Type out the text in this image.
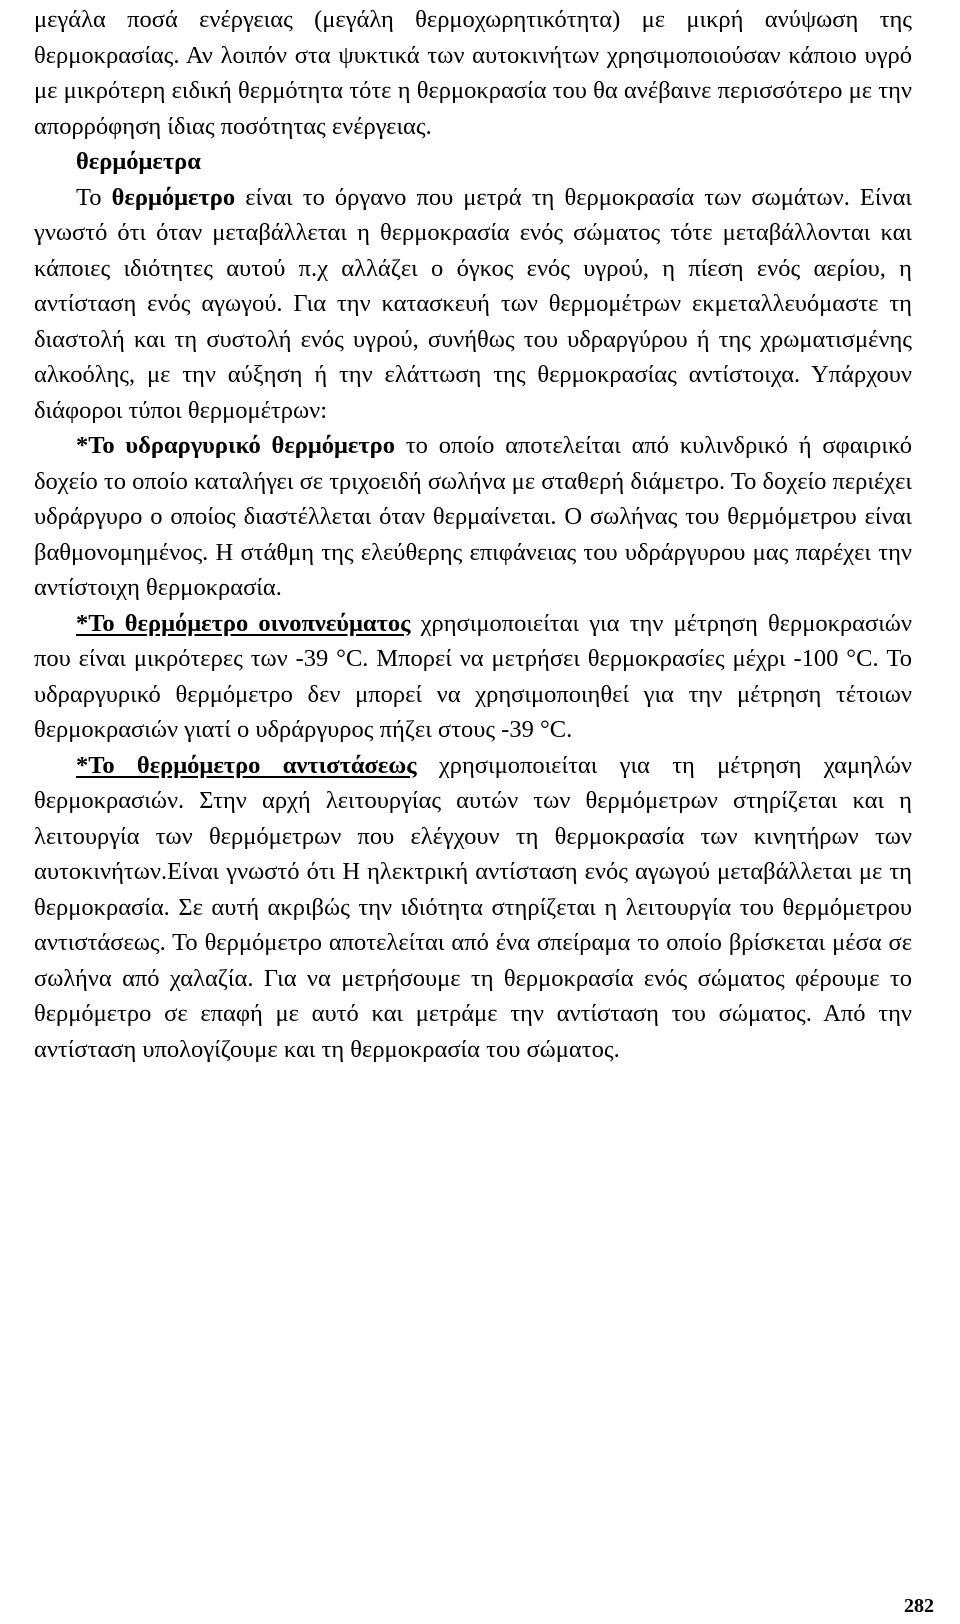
μεγάλα ποσά ενέργειας (μεγάλη θερμοχωρητικότητα) με μικρή ανύψωση της θερμοκρασίας. Αν λοιπόν στα ψυκτικά των αυτοκινήτων χρησιμοποιούσαν κάποιο υγρό με μικρότερη ειδική θερμότητα τότε η θερμοκρασία του θα ανέβαινε περισσότερο με την απορρόφηση ίδιας ποσότητας ενέργειας.

θερμόμετρα

Το θερμόμετρο είναι το όργανο που μετρά τη θερμοκρασία των σωμάτων. Είναι γνωστό ότι όταν μεταβάλλεται η θερμοκρασία ενός σώματος τότε μεταβάλλονται και κάποιες ιδιότητες αυτού π.χ αλλάζει ο όγκος ενός υγρού, η πίεση ενός αερίου, η αντίσταση ενός αγωγού. Για την κατασκευή των θερμομέτρων εκμεταλλευόμαστε τη διαστολή και τη συστολή ενός υγρού, συνήθως του υδραργύρου ή της χρωματισμένης αλκοόλης, με την αύξηση ή την ελάττωση της θερμοκρασίας αντίστοιχα. Υπάρχουν διάφοροι τύποι θερμομέτρων:

*Το υδραργυρικό θερμόμετρο το οποίο αποτελείται από κυλινδρικό ή σφαιρικό δοχείο το οποίο καταλήγει σε τριχοειδή σωλήνα με σταθερή διάμετρο. Το δοχείο περιέχει υδράργυρο ο οποίος διαστέλλεται όταν θερμαίνεται. Ο σωλήνας του θερμόμετρου είναι βαθμονομημένος. Η στάθμη της ελεύθερης επιφάνειας του υδράργυρου μας παρέχει την αντίστοιχη θερμοκρασία.

*Το θερμόμετρο οινοπνεύματος χρησιμοποιείται για την μέτρηση θερμοκρασιών που είναι μικρότερες των -39 °C. Μπορεί να μετρήσει θερμοκρασίες μέχρι -100 °C. Το υδραργυρικό θερμόμετρο δεν μπορεί να χρησιμοποιηθεί για την μέτρηση τέτοιων θερμοκρασιών γιατί ο υδράργυρος πήζει στους -39 °C.

*Το θερμόμετρο αντιστάσεως χρησιμοποιείται για τη μέτρηση χαμηλών θερμοκρασιών. Στην αρχή λειτουργίας αυτών των θερμόμετρων στηρίζεται και η λειτουργία των θερμόμετρων που ελέγχουν τη θερμοκρασία των κινητήρων των αυτοκινήτων.Είναι γνωστό ότι Η ηλεκτρική αντίσταση ενός αγωγού μεταβάλλεται με τη θερμοκρασία. Σε αυτή ακριβώς την ιδιότητα στηρίζεται η λειτουργία του θερμόμετρου αντιστάσεως. Το θερμόμετρο αποτελείται από ένα σπείραμα το οποίο βρίσκεται μέσα σε σωλήνα από χαλαζία. Για να μετρήσουμε τη θερμοκρασία ενός σώματος φέρουμε το θερμόμετρο σε επαφή με αυτό και μετράμε την αντίσταση του σώματος. Από την αντίσταση υπολογίζουμε και τη θερμοκρασία του σώματος.

282
